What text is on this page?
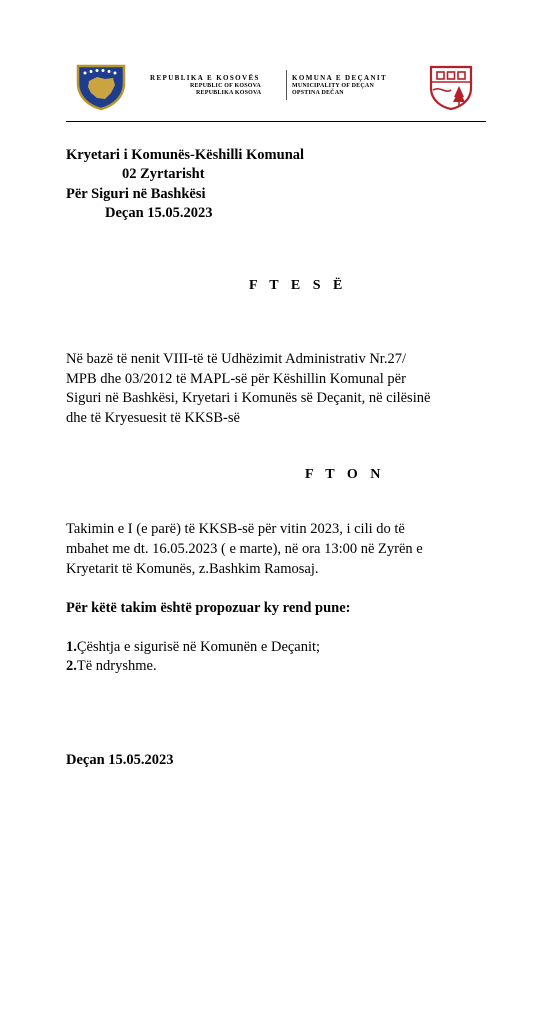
REPUBLIKA E KOSOVËS
REPUBLIC OF KOSOVA
REPUBLIKA KOSOVA
KOMUNA E DEÇANIT
MUNICIPALITY OF DEÇAN
OPSTINA DEČAN
Kryetari i Komunës-Këshilli Komunal
02 Zyrtarisht
Për Siguri në Bashkësi
Deçan 15.05.2023
F T E S Ë
Në bazë të nenit VIII-të të Udhëzimit Administrativ Nr.27/
MPB dhe 03/2012 të MAPL-së për Këshillin Komunal për
Siguri në Bashkësi, Kryetari i Komunës së Deçanit, në cilësinë
dhe të Kryesuesit të KKSB-së
F T O N
Takimin e I (e parë) të KKSB-së për vitin 2023, i cili do të
mbahet me dt. 16.05.2023 ( e marte), në ora 13:00 në Zyrën e
Kryetarit të Komunës, z.Bashkim Ramosaj.
Për këtë takim është propozuar ky rend pune:
1.Çështja e sigurisë në Komunën e Deçanit;
2.Të ndryshme.
Deçan 15.05.2023
